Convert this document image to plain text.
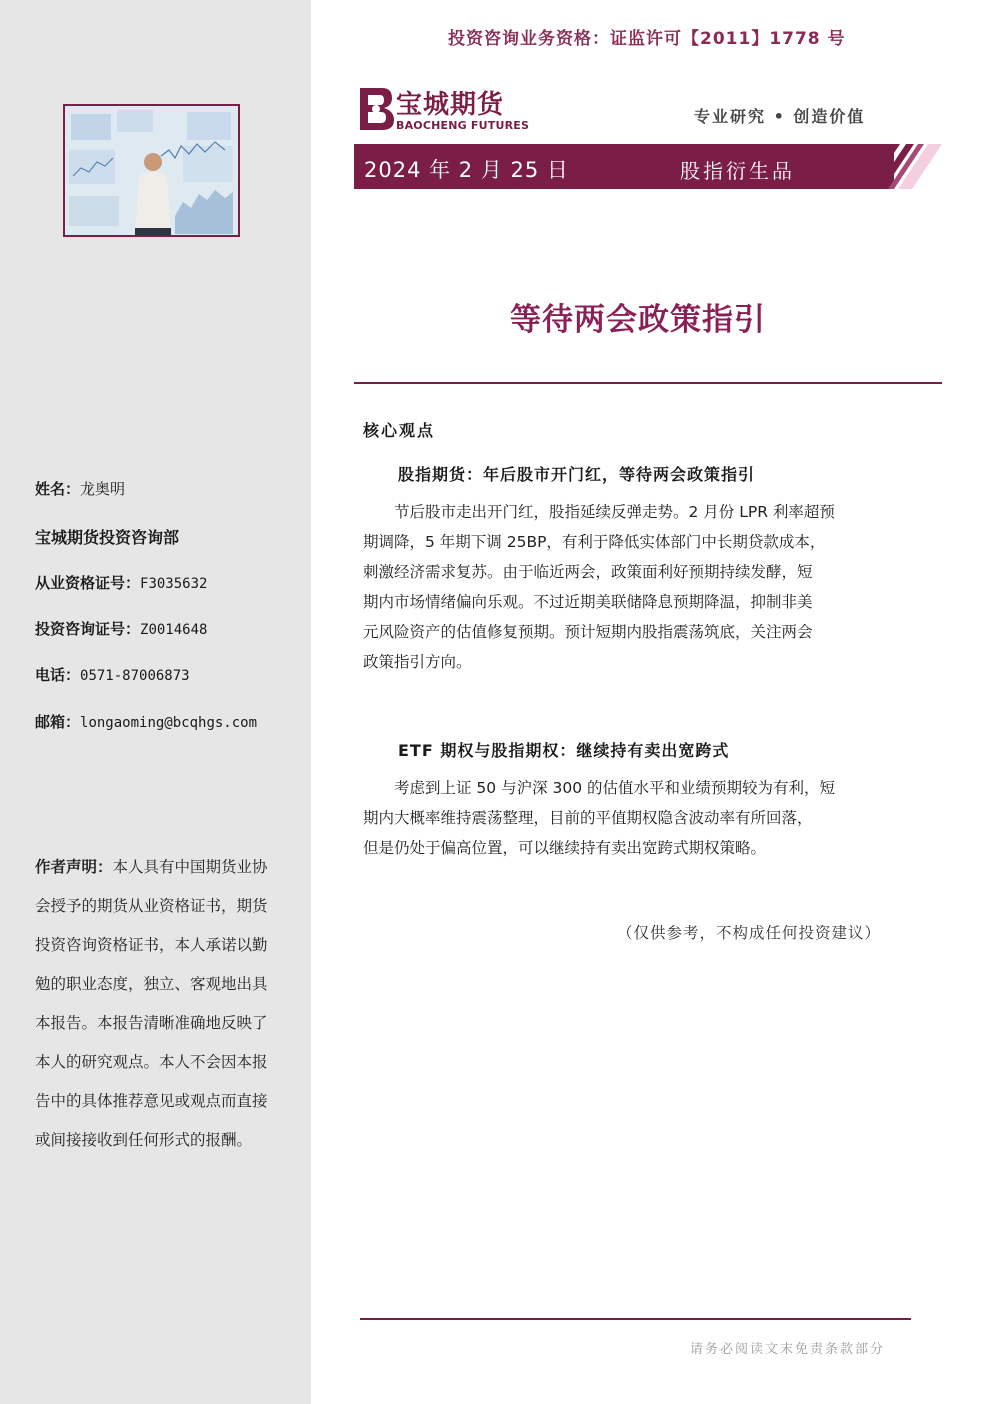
姓名：龙奥明
宝城期货投资咨询部
从业资格证号：F3035632
投资咨询证号：Z0014648
电话：0571-87006873
邮箱：longaoming@bcqhgs.com
作者声明：本人具有中国期货业协会授予的期货从业资格证书，期货投资咨询资格证书，本人承诺以勤勉的职业态度，独立、客观地出具本报告。本报告清晰准确地反映了本人的研究观点。本人不会因本报告中的具体推荐意见或观点而直接或间接接收到任何形式的报酬。
投资咨询业务资格：证监许可【2011】1778 号
宝城期货
BAOCHENG FUTURES	专业研究 • 创造价值
2024 年 2 月 25 日	股指衍生品
等待两会政策指引
核心观点
股指期货：年后股市开门红，等待两会政策指引

　　节后股市走出开门红，股指延续反弹走势。2 月份 LPR 利率超预
期调降，5 年期下调 25BP，有利于降低实体部门中长期贷款成本，
刺激经济需求复苏。由于临近两会，政策面利好预期持续发酵，短
期内市场情绪偏向乐观。不过近期美联储降息预期降温，抑制非美
元风险资产的估值修复预期。预计短期内股指震荡筑底，关注两会
政策指引方向。

ETF 期权与股指期权：继续持有卖出宽跨式

　　考虑到上证 50 与沪深 300 的估值水平和业绩预期较为有利，短
期内大概率维持震荡整理，目前的平值期权隐含波动率有所回落，
但是仍处于偏高位置，可以继续持有卖出宽跨式期权策略。

（仅供参考，不构成任何投资建议）
请务必阅读文末免责条款部分
